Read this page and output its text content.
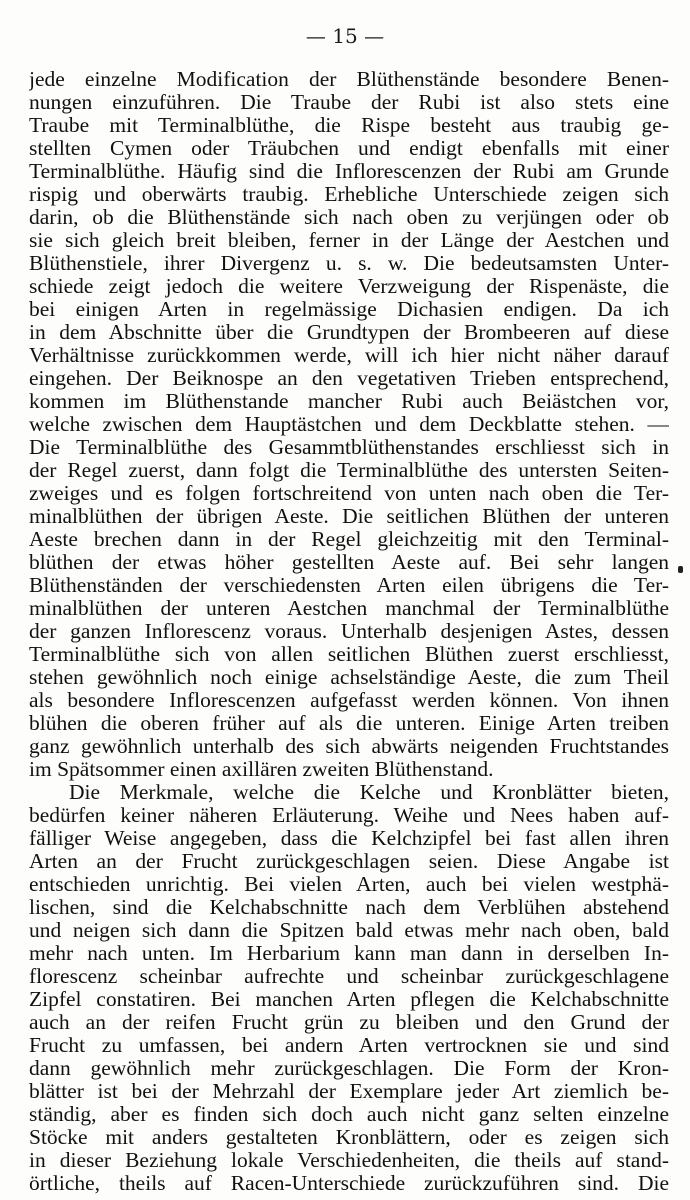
— 15 —
jede einzelne Modification der Blüthenstände besondere Benen-
nungen einzuführen. Die Traube der Rubi ist also stets eine
Traube mit Terminalblüthe, die Rispe besteht aus traubig ge-
stellten Cymen oder Träubchen und endigt ebenfalls mit einer
Terminalblüthe. Häufig sind die Inflorescenzen der Rubi am Grunde
rispig und oberwärts traubig. Erhebliche Unterschiede zeigen sich
darin, ob die Blüthenstände sich nach oben zu verjüngen oder ob
sie sich gleich breit bleiben, ferner in der Länge der Aestchen und
Blüthenstiele, ihrer Divergenz u. s. w. Die bedeutsamsten Unter-
schiede zeigt jedoch die weitere Verzweigung der Rispenäste, die
bei einigen Arten in regelmässige Dichasien endigen. Da ich
in dem Abschnitte über die Grundtypen der Brombeeren auf diese
Verhältnisse zurückkommen werde, will ich hier nicht näher darauf
eingehen. Der Beiknospe an den vegetativen Trieben entsprechend,
kommen im Blüthenstande mancher Rubi auch Beiästchen vor,
welche zwischen dem Hauptästchen und dem Deckblatte stehen. —
Die Terminalblüthe des Gesammtblüthenstandes erschliesst sich in
der Regel zuerst, dann folgt die Terminalblüthe des untersten Seiten-
zweiges und es folgen fortschreitend von unten nach oben die Ter-
minalblüthen der übrigen Aeste. Die seitlichen Blüthen der unteren
Aeste brechen dann in der Regel gleichzeitig mit den Terminal-
blüthen der etwas höher gestellten Aeste auf. Bei sehr langen
Blüthenständen der verschiedensten Arten eilen übrigens die Ter-
minalblüthen der unteren Aestchen manchmal der Terminalblüthe
der ganzen Inflorescenz voraus. Unterhalb desjenigen Astes, dessen
Terminalblüthe sich von allen seitlichen Blüthen zuerst erschliesst,
stehen gewöhnlich noch einige achselständige Aeste, die zum Theil
als besondere Inflorescenzen aufgefasst werden können. Von ihnen
blühen die oberen früher auf als die unteren. Einige Arten treiben
ganz gewöhnlich unterhalb des sich abwärts neigenden Fruchtstandes
im Spätsommer einen axillären zweiten Blüthenstand.
Die Merkmale, welche die Kelche und Kronblätter bieten,
bedürfen keiner näheren Erläuterung. Weihe und Nees haben auf-
fälliger Weise angegeben, dass die Kelchzipfel bei fast allen ihren
Arten an der Frucht zurückgeschlagen seien. Diese Angabe ist
entschieden unrichtig. Bei vielen Arten, auch bei vielen westphä-
lischen, sind die Kelchabschnitte nach dem Verblühen abstehend
und neigen sich dann die Spitzen bald etwas mehr nach oben, bald
mehr nach unten. Im Herbarium kann man dann in derselben In-
florescenz scheinbar aufrechte und scheinbar zurückgeschlagene
Zipfel constatiren. Bei manchen Arten pflegen die Kelchabschnitte
auch an der reifen Frucht grün zu bleiben und den Grund der
Frucht zu umfassen, bei andern Arten vertrocknen sie und sind
dann gewöhnlich mehr zurückgeschlagen. Die Form der Kron-
blätter ist bei der Mehrzahl der Exemplare jeder Art ziemlich be-
ständig, aber es finden sich doch auch nicht ganz selten einzelne
Stöcke mit anders gestalteten Kronblättern, oder es zeigen sich
in dieser Beziehung lokale Verschiedenheiten, die theils auf stand-
örtliche, theils auf Racen-Unterschiede zurückzuführen sind. Die
